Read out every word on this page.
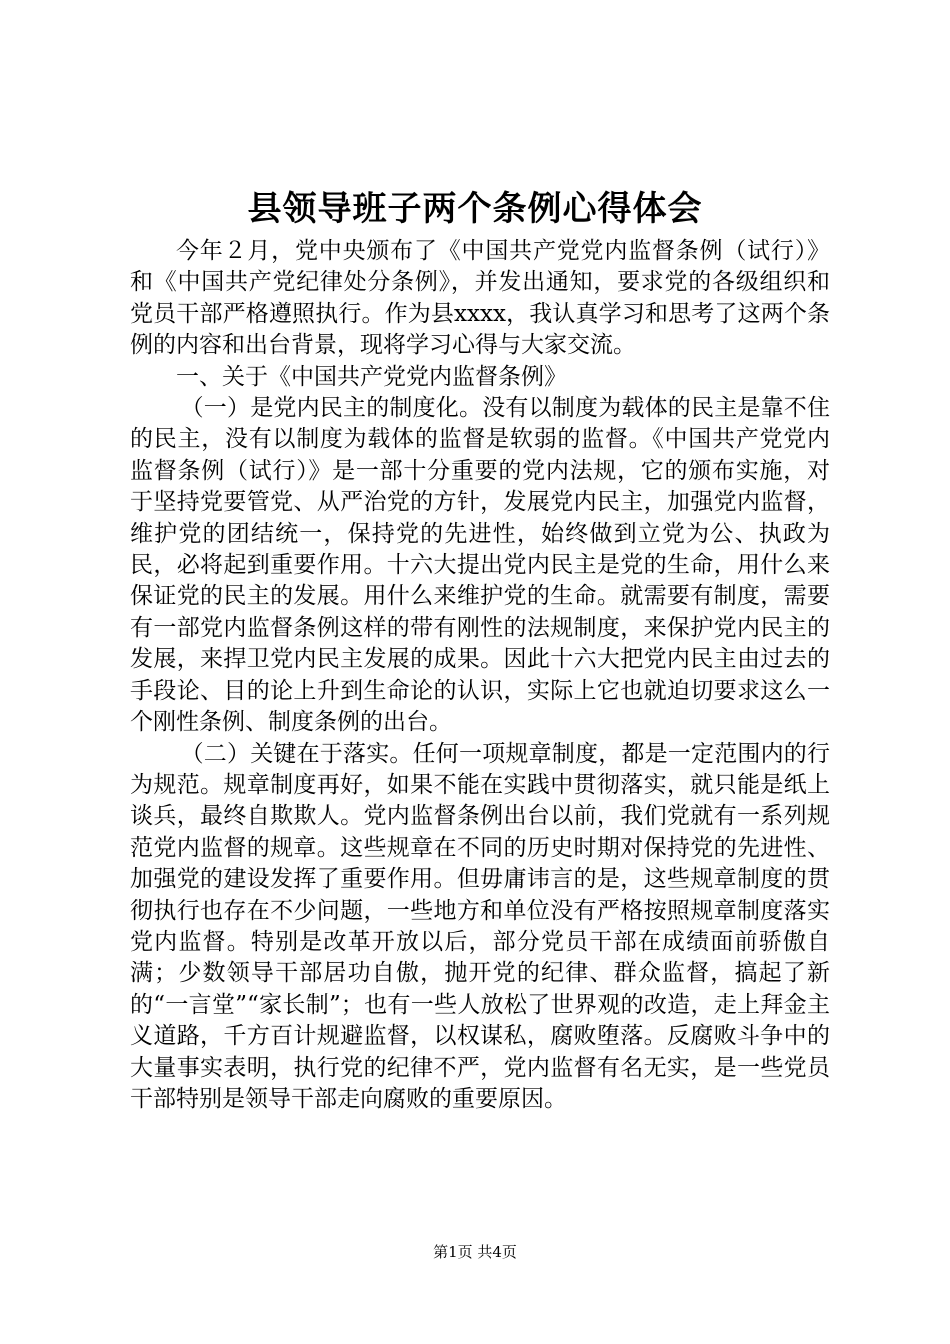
县领导班子两个条例心得体会

今年２月，党中央颁布了《中国共产党党内监督条例（试行）》和《中国共产党纪律处分条例》，并发出通知，要求党的各级组织和党员干部严格遵照执行。作为县xxxx，我认真学习和思考了这两个条例的内容和出台背景，现将学习心得与大家交流。

一、关于《中国共产党党内监督条例》

（一）是党内民主的制度化。没有以制度为载体的民主是靠不住的民主，没有以制度为载体的监督是软弱的监督。《中国共产党党内监督条例（试行）》是一部十分重要的党内法规，它的颁布实施，对于坚持党要管党、从严治党的方针，发展党内民主，加强党内监督，维护党的团结统一，保持党的先进性，始终做到立党为公、执政为民，必将起到重要作用。十六大提出党内民主是党的生命，用什么来保证党的民主的发展。用什么来维护党的生命。就需要有制度，需要有一部党内监督条例这样的带有刚性的法规制度，来保护党内民主的发展，来捍卫党内民主发展的成果。因此十六大把党内民主由过去的手段论、目的论上升到生命论的认识，实际上它也就迫切要求这么一个刚性条例、制度条例的出台。

（二）关键在于落实。任何一项规章制度，都是一定范围内的行为规范。规章制度再好，如果不能在实践中贯彻落实，就只能是纸上谈兵，最终自欺欺人。党内监督条例出台以前，我们党就有一系列规范党内监督的规章。这些规章在不同的历史时期对保持党的先进性、加强党的建设发挥了重要作用。但毋庸讳言的是，这些规章制度的贯彻执行也存在不少问题，一些地方和单位没有严格按照规章制度落实党内监督。特别是改革开放以后，部分党员干部在成绩面前骄傲自满；少数领导干部居功自傲，抛开党的纪律、群众监督，搞起了新的“一言堂”“家长制”；也有一些人放松了世界观的改造，走上拜金主义道路，千方百计规避监督，以权谋私，腐败堕落。反腐败斗争中的大量事实表明，执行党的纪律不严，党内监督有名无实，是一些党员干部特别是领导干部走向腐败的重要原因。

第1页 共4页
